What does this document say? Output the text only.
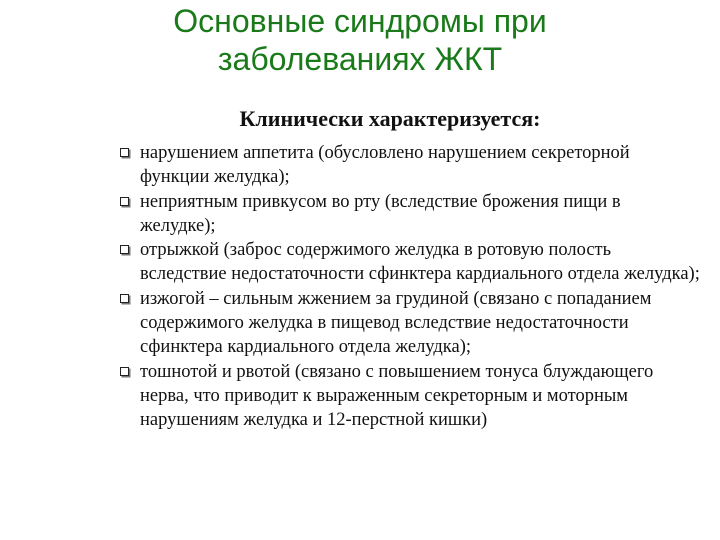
Основные синдромы при заболеваниях ЖКТ
Клинически характеризуется:
нарушением аппетита (обусловлено нарушением секреторной функции желудка);
неприятным привкусом во рту (вследствие брожения пищи в желудке);
отрыжкой (заброс содержимого желудка в ротовую полость вследствие недостаточности сфинктера кардиального отдела желудка);
изжогой – сильным жжением за грудиной (связано с попаданием содержимого желудка в пищевод вследствие недостаточности сфинктера кардиального отдела желудка);
тошнотой и рвотой (связано с повышением тонуса блуждающего нерва, что приводит к выраженным секреторным и моторным нарушениям желудка и 12-перстной кишки)
